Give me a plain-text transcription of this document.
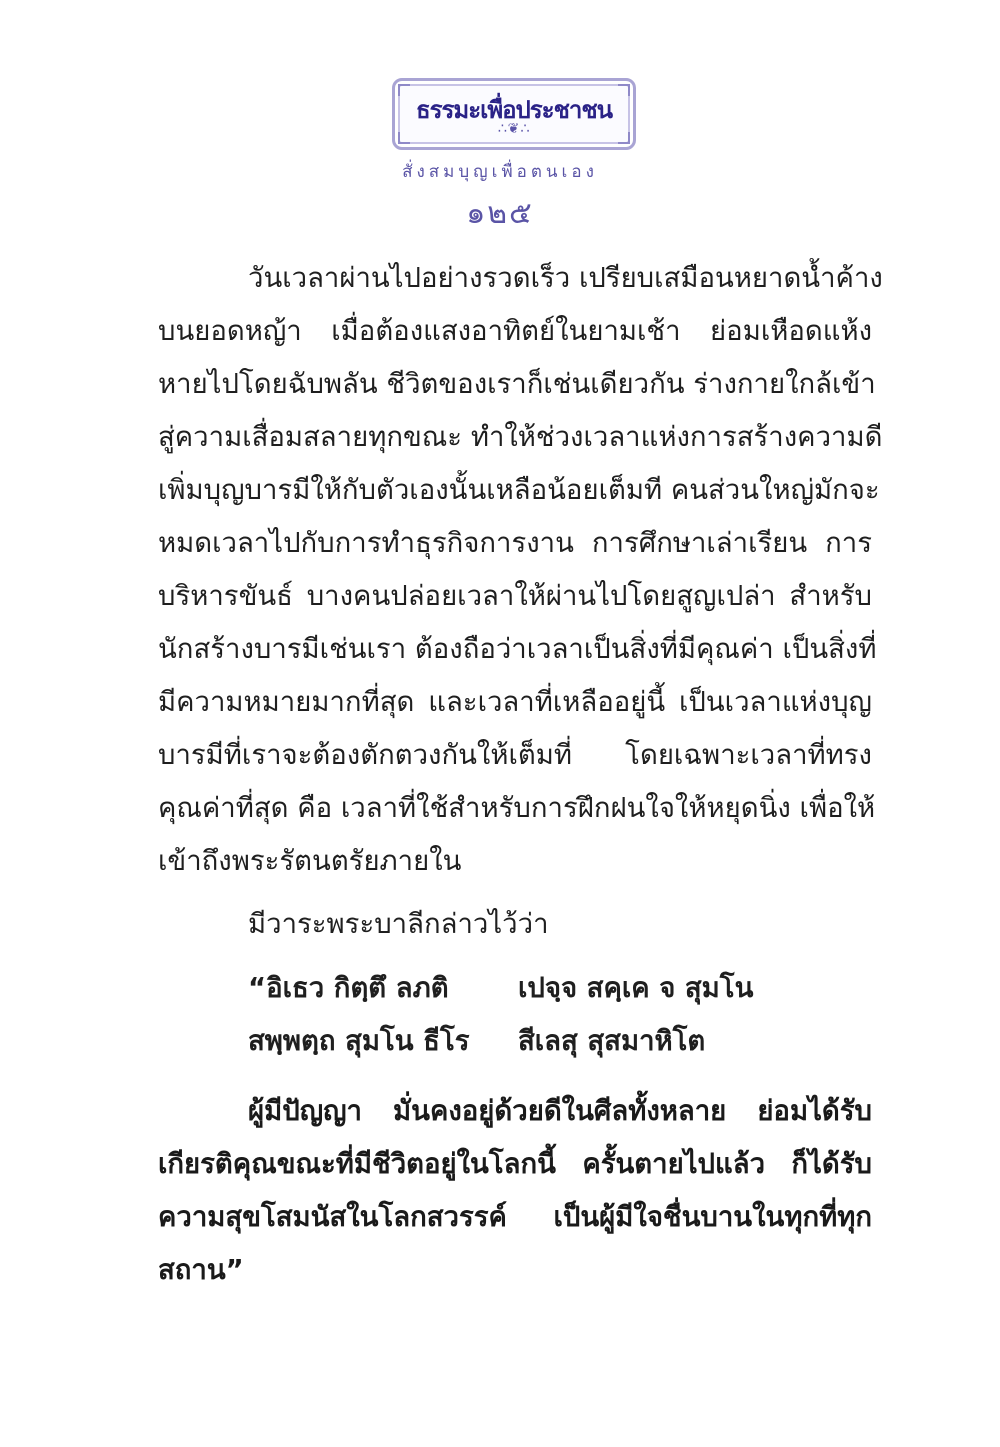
ธรรมะเพื่อประชาชน
∴❦∴
สั่งสมบุญเพื่อตนเอง
๑๒๕
วันเวลาผ่านไปอย่างรวดเร็ว เปรียบเสมือนหยาดน้ำค้าง
บนยอดหญ้า เมื่อต้องแสงอาทิตย์ในยามเช้า ย่อมเหือดแห้ง
หายไปโดยฉับพลัน ชีวิตของเราก็เช่นเดียวกัน ร่างกายใกล้เข้า
สู่ความเสื่อมสลายทุกขณะ ทำให้ช่วงเวลาแห่งการสร้างความดี
เพิ่มบุญบารมีให้กับตัวเองนั้นเหลือน้อยเต็มที คนส่วนใหญ่มักจะ
หมดเวลาไปกับการทำธุรกิจการงาน การศึกษาเล่าเรียน การ
บริหารขันธ์ บางคนปล่อยเวลาให้ผ่านไปโดยสูญเปล่า สำหรับ
นักสร้างบารมีเช่นเรา ต้องถือว่าเวลาเป็นสิ่งที่มีคุณค่า เป็นสิ่งที่
มีความหมายมากที่สุด และเวลาที่เหลืออยู่นี้ เป็นเวลาแห่งบุญ
บารมีที่เราจะต้องตักตวงกันให้เต็มที่ โดยเฉพาะเวลาที่ทรง
คุณค่าที่สุด คือ เวลาที่ใช้สำหรับการฝึกฝนใจให้หยุดนิ่ง เพื่อให้
เข้าถึงพระรัตนตรัยภายใน
มีวาระพระบาลีกล่าวไว้ว่า
“อิเธว กิตฺตึ ลภติ	เปจฺจ สคฺเค จ สุมโน
สพฺพตฺถ สุมโน ธีโร สีเลสุ สุสมาหิโต
ผู้มีปัญญา มั่นคงอยู่ด้วยดีในศีลทั้งหลาย ย่อมได้รับ
เกียรติคุณขณะที่มีชีวิตอยู่ในโลกนี้ ครั้นตายไปแล้ว ก็ได้รับ
ความสุขโสมนัสในโลกสวรรค์ เป็นผู้มีใจชื่นบานในทุกที่ทุก
สถาน”
